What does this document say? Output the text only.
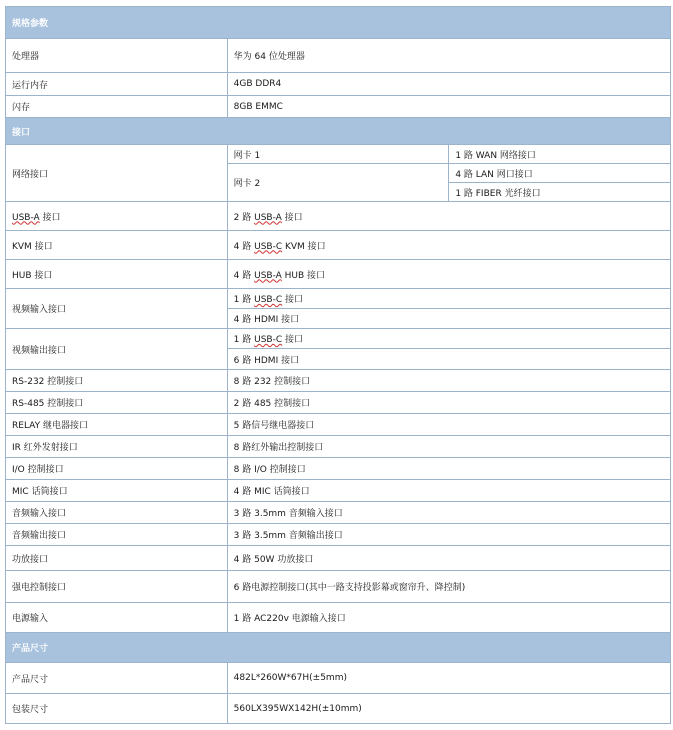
规格参数		
处理器	华为 64 位处理器	
运行内存	4GB DDR4	
闪存	8GB EMMC	
接口		
网络接口	网卡 1	1 路 WAN 网络接口
	网卡 2	4 路 LAN 网口接口
		1 路 FIBER 光纤接口
USB-A 接口	2 路 USB-A 接口	
KVM 接口	4 路 USB-C KVM 接口	
HUB 接口	4 路 USB-A HUB 接口	
视频输入接口	1 路 USB-C 接口	
	4 路 HDMI 接口	
视频输出接口	1 路 USB-C 接口	
	6 路 HDMI 接口	
RS-232 控制接口	8 路 232 控制接口	
RS-485 控制接口	2 路 485 控制接口	
RELAY 继电器接口	5 路信号继电器接口	
IR 红外发射接口	8 路红外输出控制接口	
I/O 控制接口	8 路 I/O 控制接口	
MIC 话筒接口	4 路 MIC 话筒接口	
音频输入接口	3 路 3.5mm 音频输入接口	
音频输出接口	3 路 3.5mm 音频输出接口	
功放接口	4 路 50W 功放接口	
强电控制接口	6 路电源控制接口(其中一路支持投影幕或窗帘升、降控制)	
电源输入	1 路 AC220v 电源输入接口	
产品尺寸		
产品尺寸	482L*260W*67H(±5mm)	
包装尺寸	560LX395WX142H(±10mm)	
